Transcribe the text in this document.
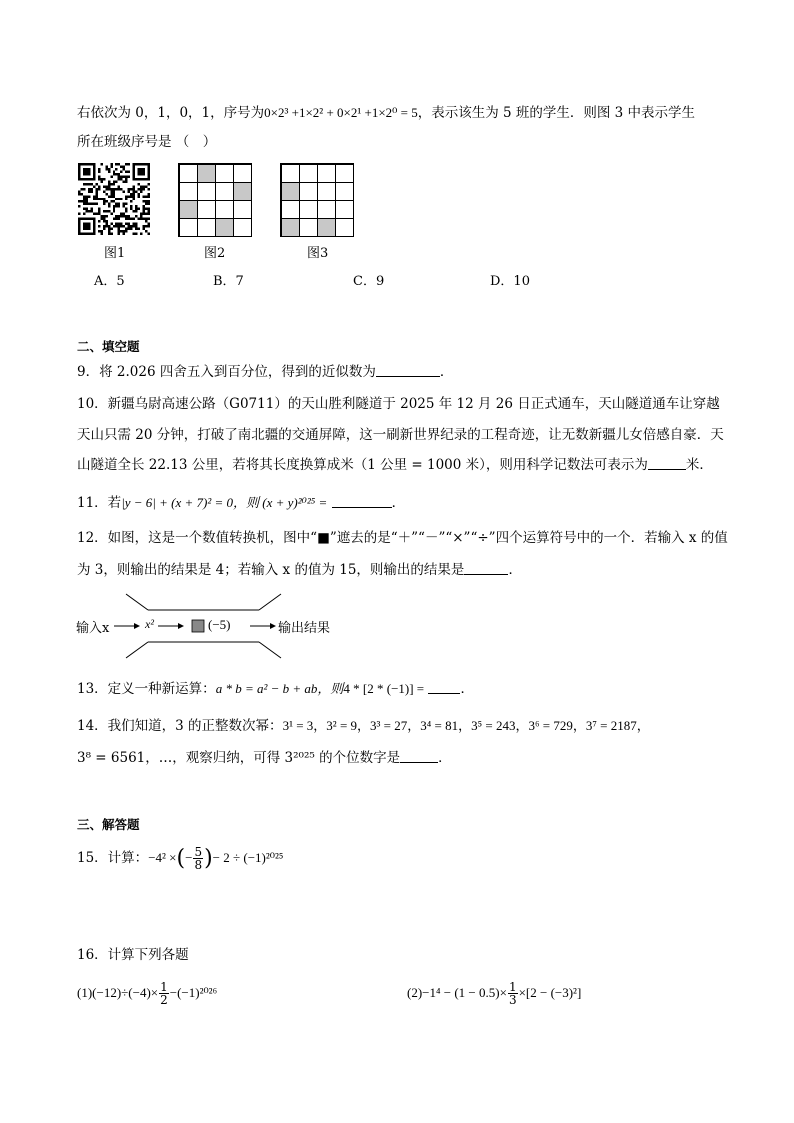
右依次为 0，1，0，1，序号为0×2³ +1×2² + 0×2¹ +1×2⁰ = 5，表示该生为 5 班的学生．则图 3 中表示学生
所在班级序号是 （　）
图1	图2	图3
A．5	B．7	C．9	D．10
二、填空题
9．将 2.026 四舍五入到百分位，得到的近似数为	．
10．新疆乌尉高速公路（G0711）的天山胜利隧道于 2025 年 12 月 26 日正式通车，天山隧道通车让穿越
天山只需 20 分钟，打破了南北疆的交通屏障，这一刷新世界纪录的工程奇迹，让无数新疆儿女倍感自豪．天
山隧道全长 22.13 公里，若将其长度换算成米（1 公里 = 1000 米），则用科学记数法可表示为	米．
11．若|y − 6| + (x + 7)² = 0，则 (x + y)²⁰²⁵ =	．
12．如图，这是一个数值转换机，图中“■”遮去的是“＋”“－”“×”“÷”四个运算符号中的一个．若输入 x 的值
为 3，则输出的结果是 4；若输入 x 的值为 15，则输出的结果是	．
输入x	x²	(−5)	输出结果
13．定义一种新运算：a * b = a² − b + ab，则4 * [2 * (−1)] =	．
14．我们知道，3 的正整数次幂：3¹ = 3，3² = 9，3³ = 27，3⁴ = 81，3⁵ = 243，3⁶ = 729，3⁷ = 2187，
3⁸ = 6561，…，观察归纳，可得 3²⁰²⁵ 的个位数字是	．
三、解答题
15．计算：−4² ×(− $\frac{5}{8}$ )− 2 ÷ (−1)²⁰²⁵
16．计算下列各题
$(1)(-12)\div(-4)\times \frac{1}{2} -(-1)^{2026}$	$(2)-1^4 - (1 - 0.5)\times \frac{1}{3} \times[2 - (-3)^2]$
